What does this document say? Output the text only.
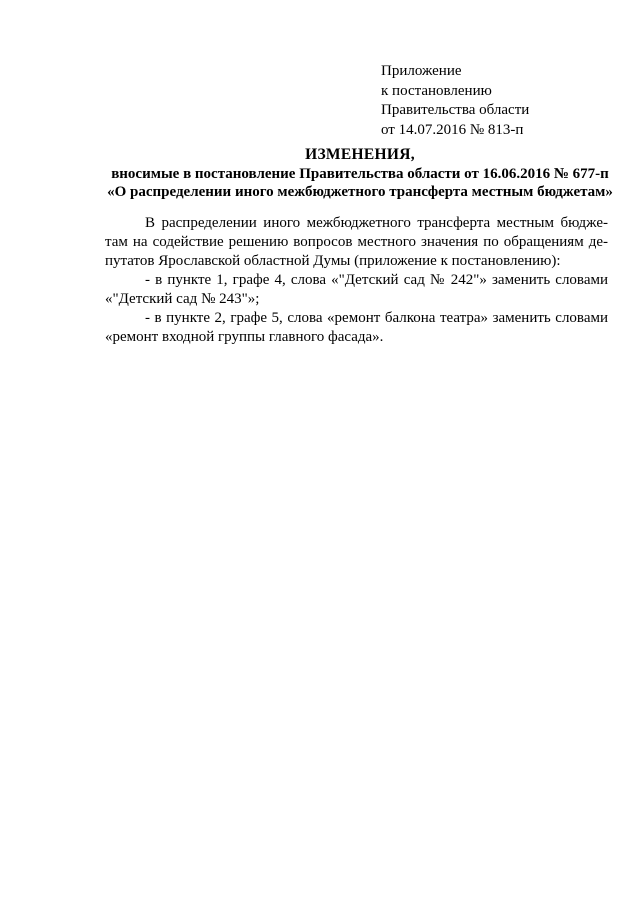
Приложение
к постановлению
Правительства области
от 14.07.2016 № 813-п
ИЗМЕНЕНИЯ,
вносимые в постановление Правительства области от 16.06.2016 № 677-п
«О распределении иного межбюджетного трансферта местным бюджетам»
В распределении иного межбюджетного трансферта местным бюдже-
там на содействие решению вопросов местного значения по обращениям де-
путатов Ярославской областной Думы (приложение к постановлению):
- в пункте 1, графе 4, слова «"Детский сад № 242"» заменить словами
«"Детский сад № 243"»;
- в пункте 2, графе 5, слова «ремонт балкона театра» заменить словами
«ремонт входной группы главного фасада».
